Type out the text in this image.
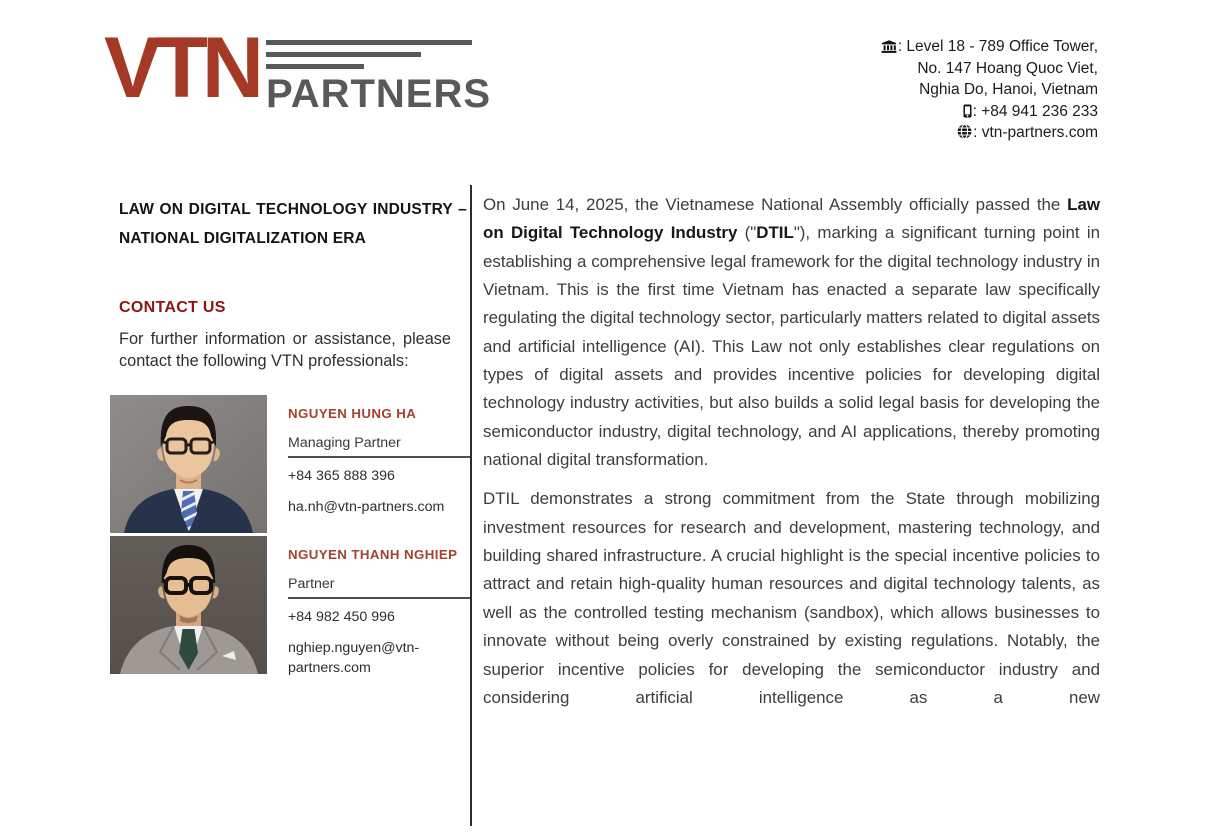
VTN PARTNERS
: Level 18 - 789 Office Tower,
No. 147 Hoang Quoc Viet,
Nghia Do, Hanoi, Vietnam
: +84 941 236 233
: vtn-partners.com
LAW ON DIGITAL TECHNOLOGY INDUSTRY – NATIONAL DIGITALIZATION ERA
CONTACT US

For further information or assistance, please contact the following VTN professionals:

NGUYEN HUNG HA
Managing Partner
+84 365 888 396
ha.nh@vtn-partners.com
NGUYEN THANH NGHIEP
Partner
+84 982 450 996
nghiep.nguyen@vtn-partners.com

On June 14, 2025, the Vietnamese National Assembly officially passed the Law on Digital Technology Industry ("DTIL"), marking a significant turning point in establishing a comprehensive legal framework for the digital technology industry in Vietnam. This is the first time Vietnam has enacted a separate law specifically regulating the digital technology sector, particularly matters related to digital assets and artificial intelligence (AI). This Law not only establishes clear regulations on types of digital assets and provides incentive policies for developing digital technology industry activities, but also builds a solid legal basis for developing the semiconductor industry, digital technology, and AI applications, thereby promoting national digital transformation.

DTIL demonstrates a strong commitment from the State through mobilizing investment resources for research and development, mastering technology, and building shared infrastructure. A crucial highlight is the special incentive policies to attract and retain high-quality human resources and digital technology talents, as well as the controlled testing mechanism (sandbox), which allows businesses to innovate without being overly constrained by existing regulations. Notably, the superior incentive policies for developing the semiconductor industry and considering artificial intelligence as a new
